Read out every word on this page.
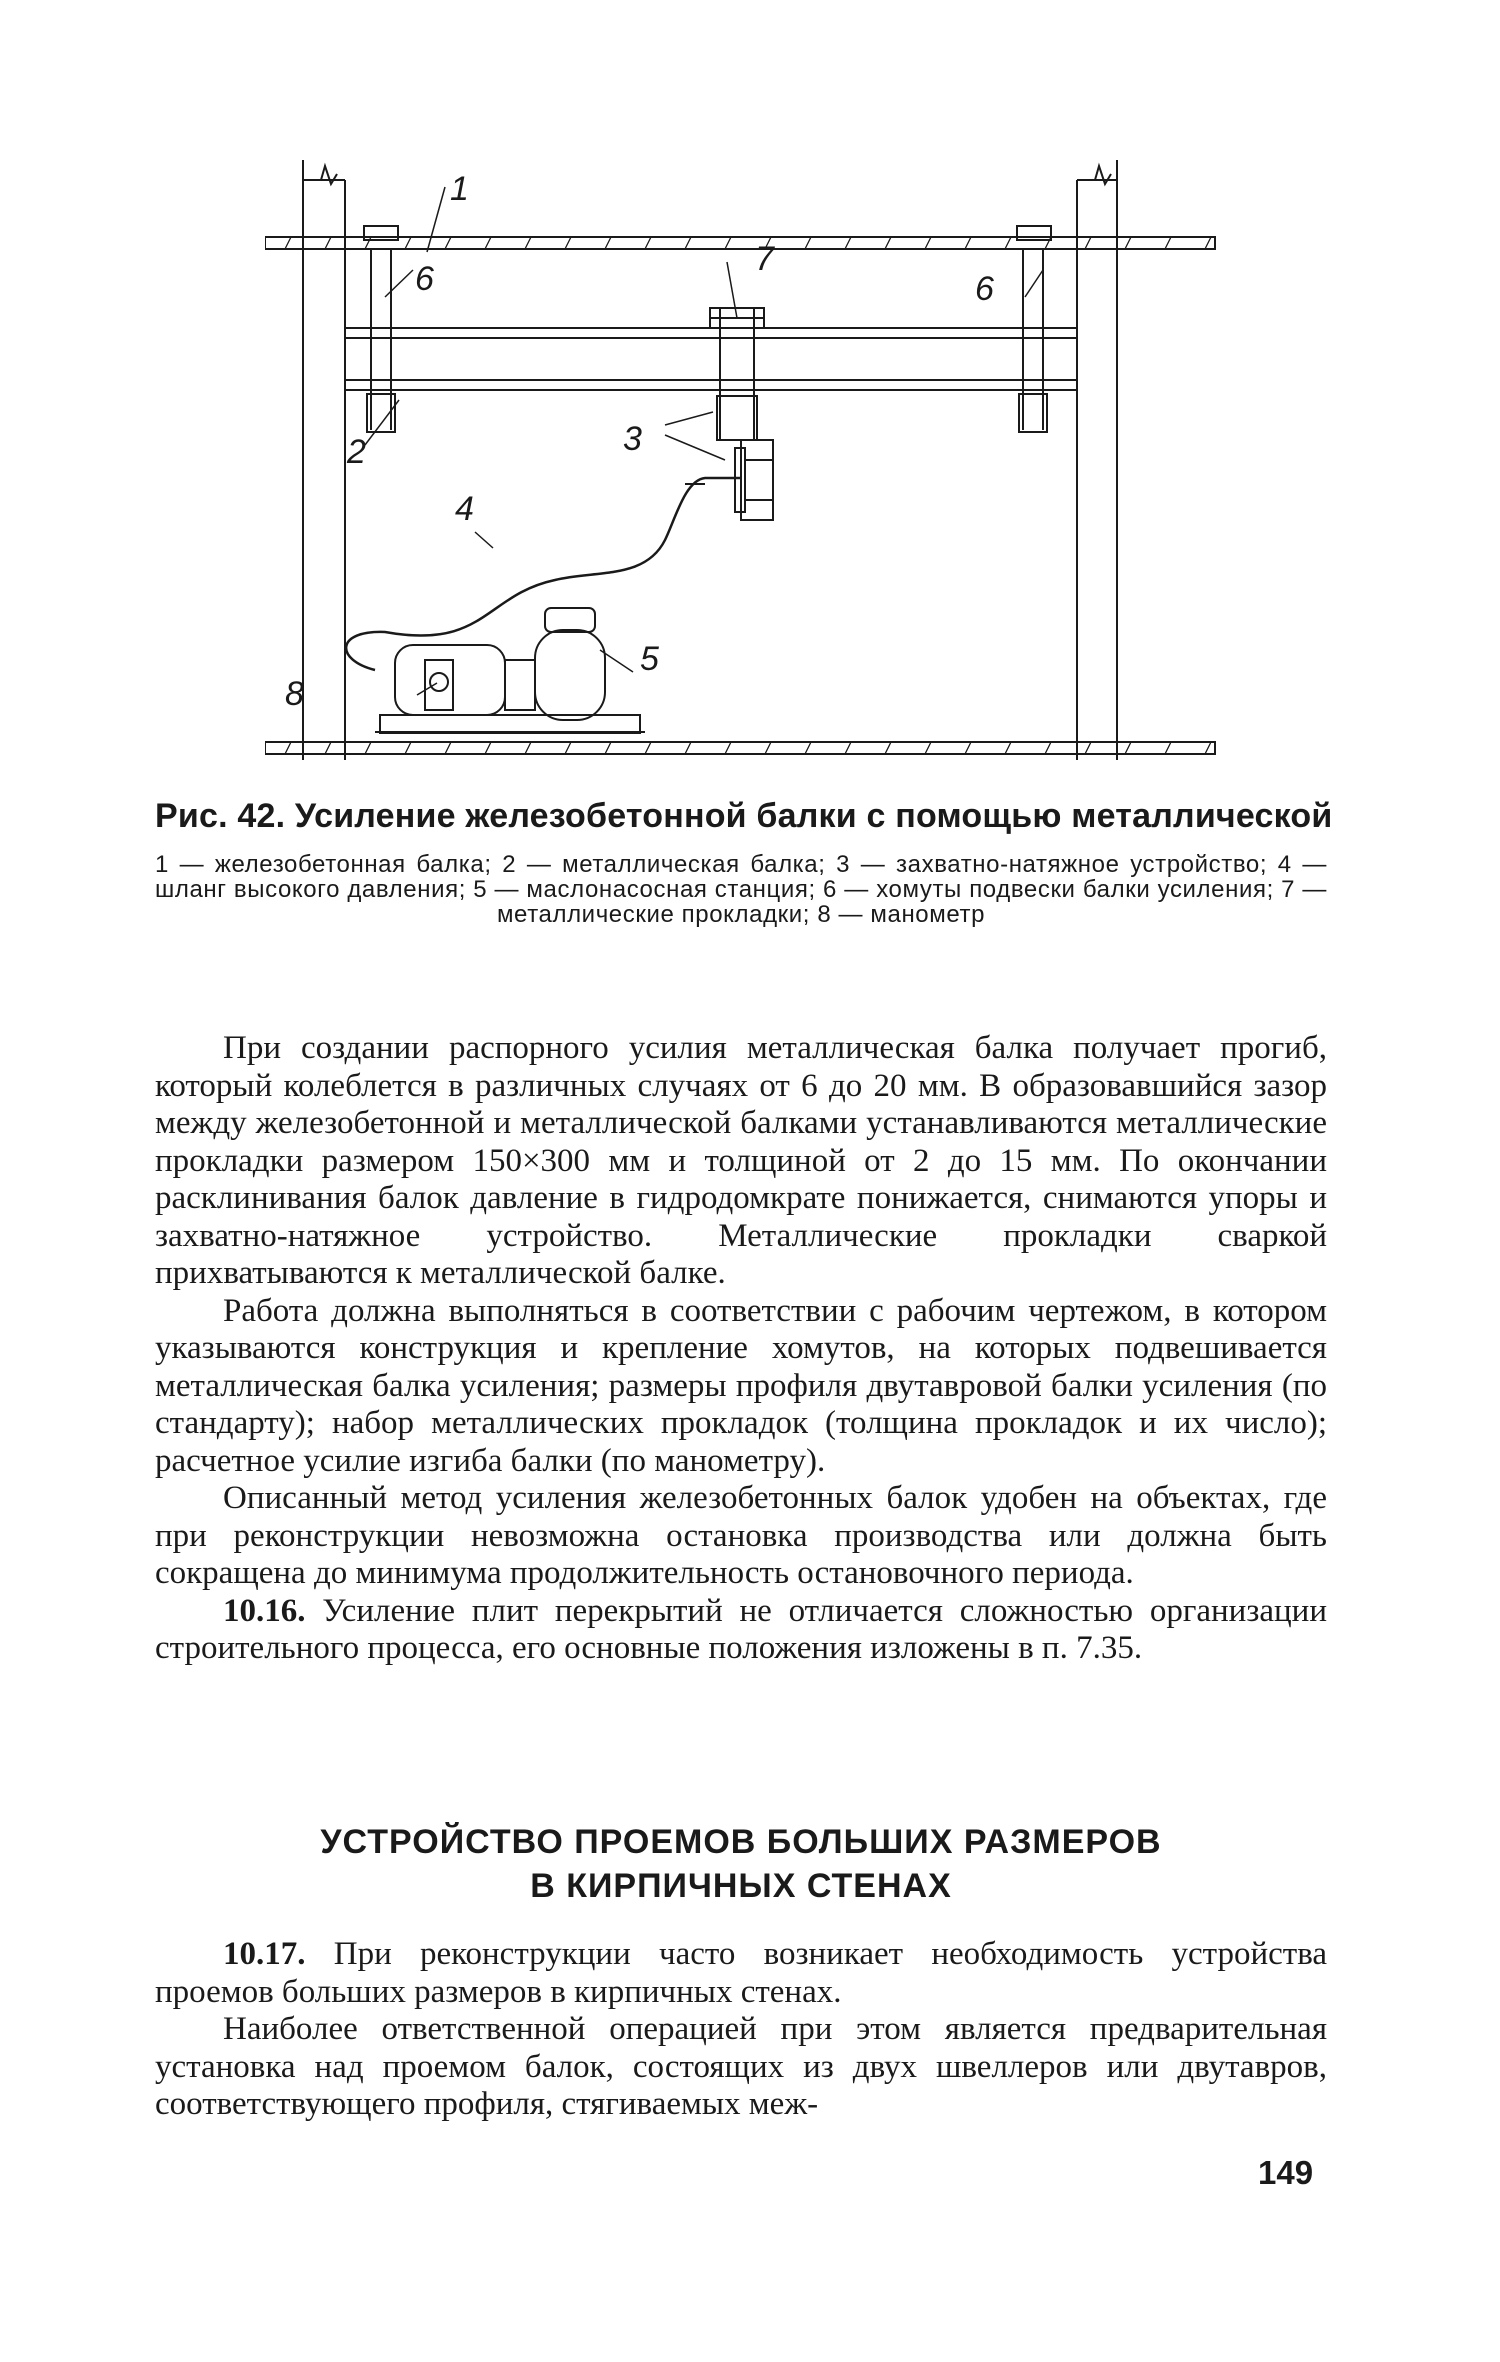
1
2	3
4
5
6	6
7
8
Рис. 42. Усиление железобетонной балки с помощью металлической
1 — железобетонная балка; 2 — металлическая балка; 3 — захватно-натяжное устройство; 4 — шланг высокого давления; 5 — маслонасосная станция; 6 — хомуты подвески балки усиления; 7 — металлические прокладки; 8 — манометр

При создании распорного усилия металлическая балка получает прогиб, который колеблется в различных случаях от 6 до 20 мм. В образовавшийся зазор между железобетонной и металлической балками устанавливаются металлические прокладки размером 150×300 мм и толщиной от 2 до 15 мм. По окончании расклинивания балок давление в гидродомкрате понижается, снимаются упоры и захватно-натяжное устройство. Металлические прокладки сваркой прихватываются к металлической балке.

Работа должна выполняться в соответствии с рабочим чертежом, в котором указываются конструкция и крепление хомутов, на которых подвешивается металлическая балка усиления; размеры профиля двутавровой балки усиления (по стандарту); набор металлических прокладок (толщина прокладок и их число); расчетное усилие изгиба балки (по манометру).

Описанный метод усиления железобетонных балок удобен на объектах, где при реконструкции невозможна остановка производства или должна быть сокращена до минимума продолжительность остановочного периода.

10.16. Усиление плит перекрытий не отличается сложностью организации строительного процесса, его основные положения изложены в п. 7.35.

УСТРОЙСТВО ПРОЕМОВ БОЛЬШИХ РАЗМЕРОВ
В КИРПИЧНЫХ СТЕНАХ

10.17. При реконструкции часто возникает необходимость устройства проемов больших размеров в кирпичных стенах.

Наиболее ответственной операцией при этом является предварительная установка над проемом балок, состоящих из двух швеллеров или двутавров, соответствующего профиля, стягиваемых меж-

149
